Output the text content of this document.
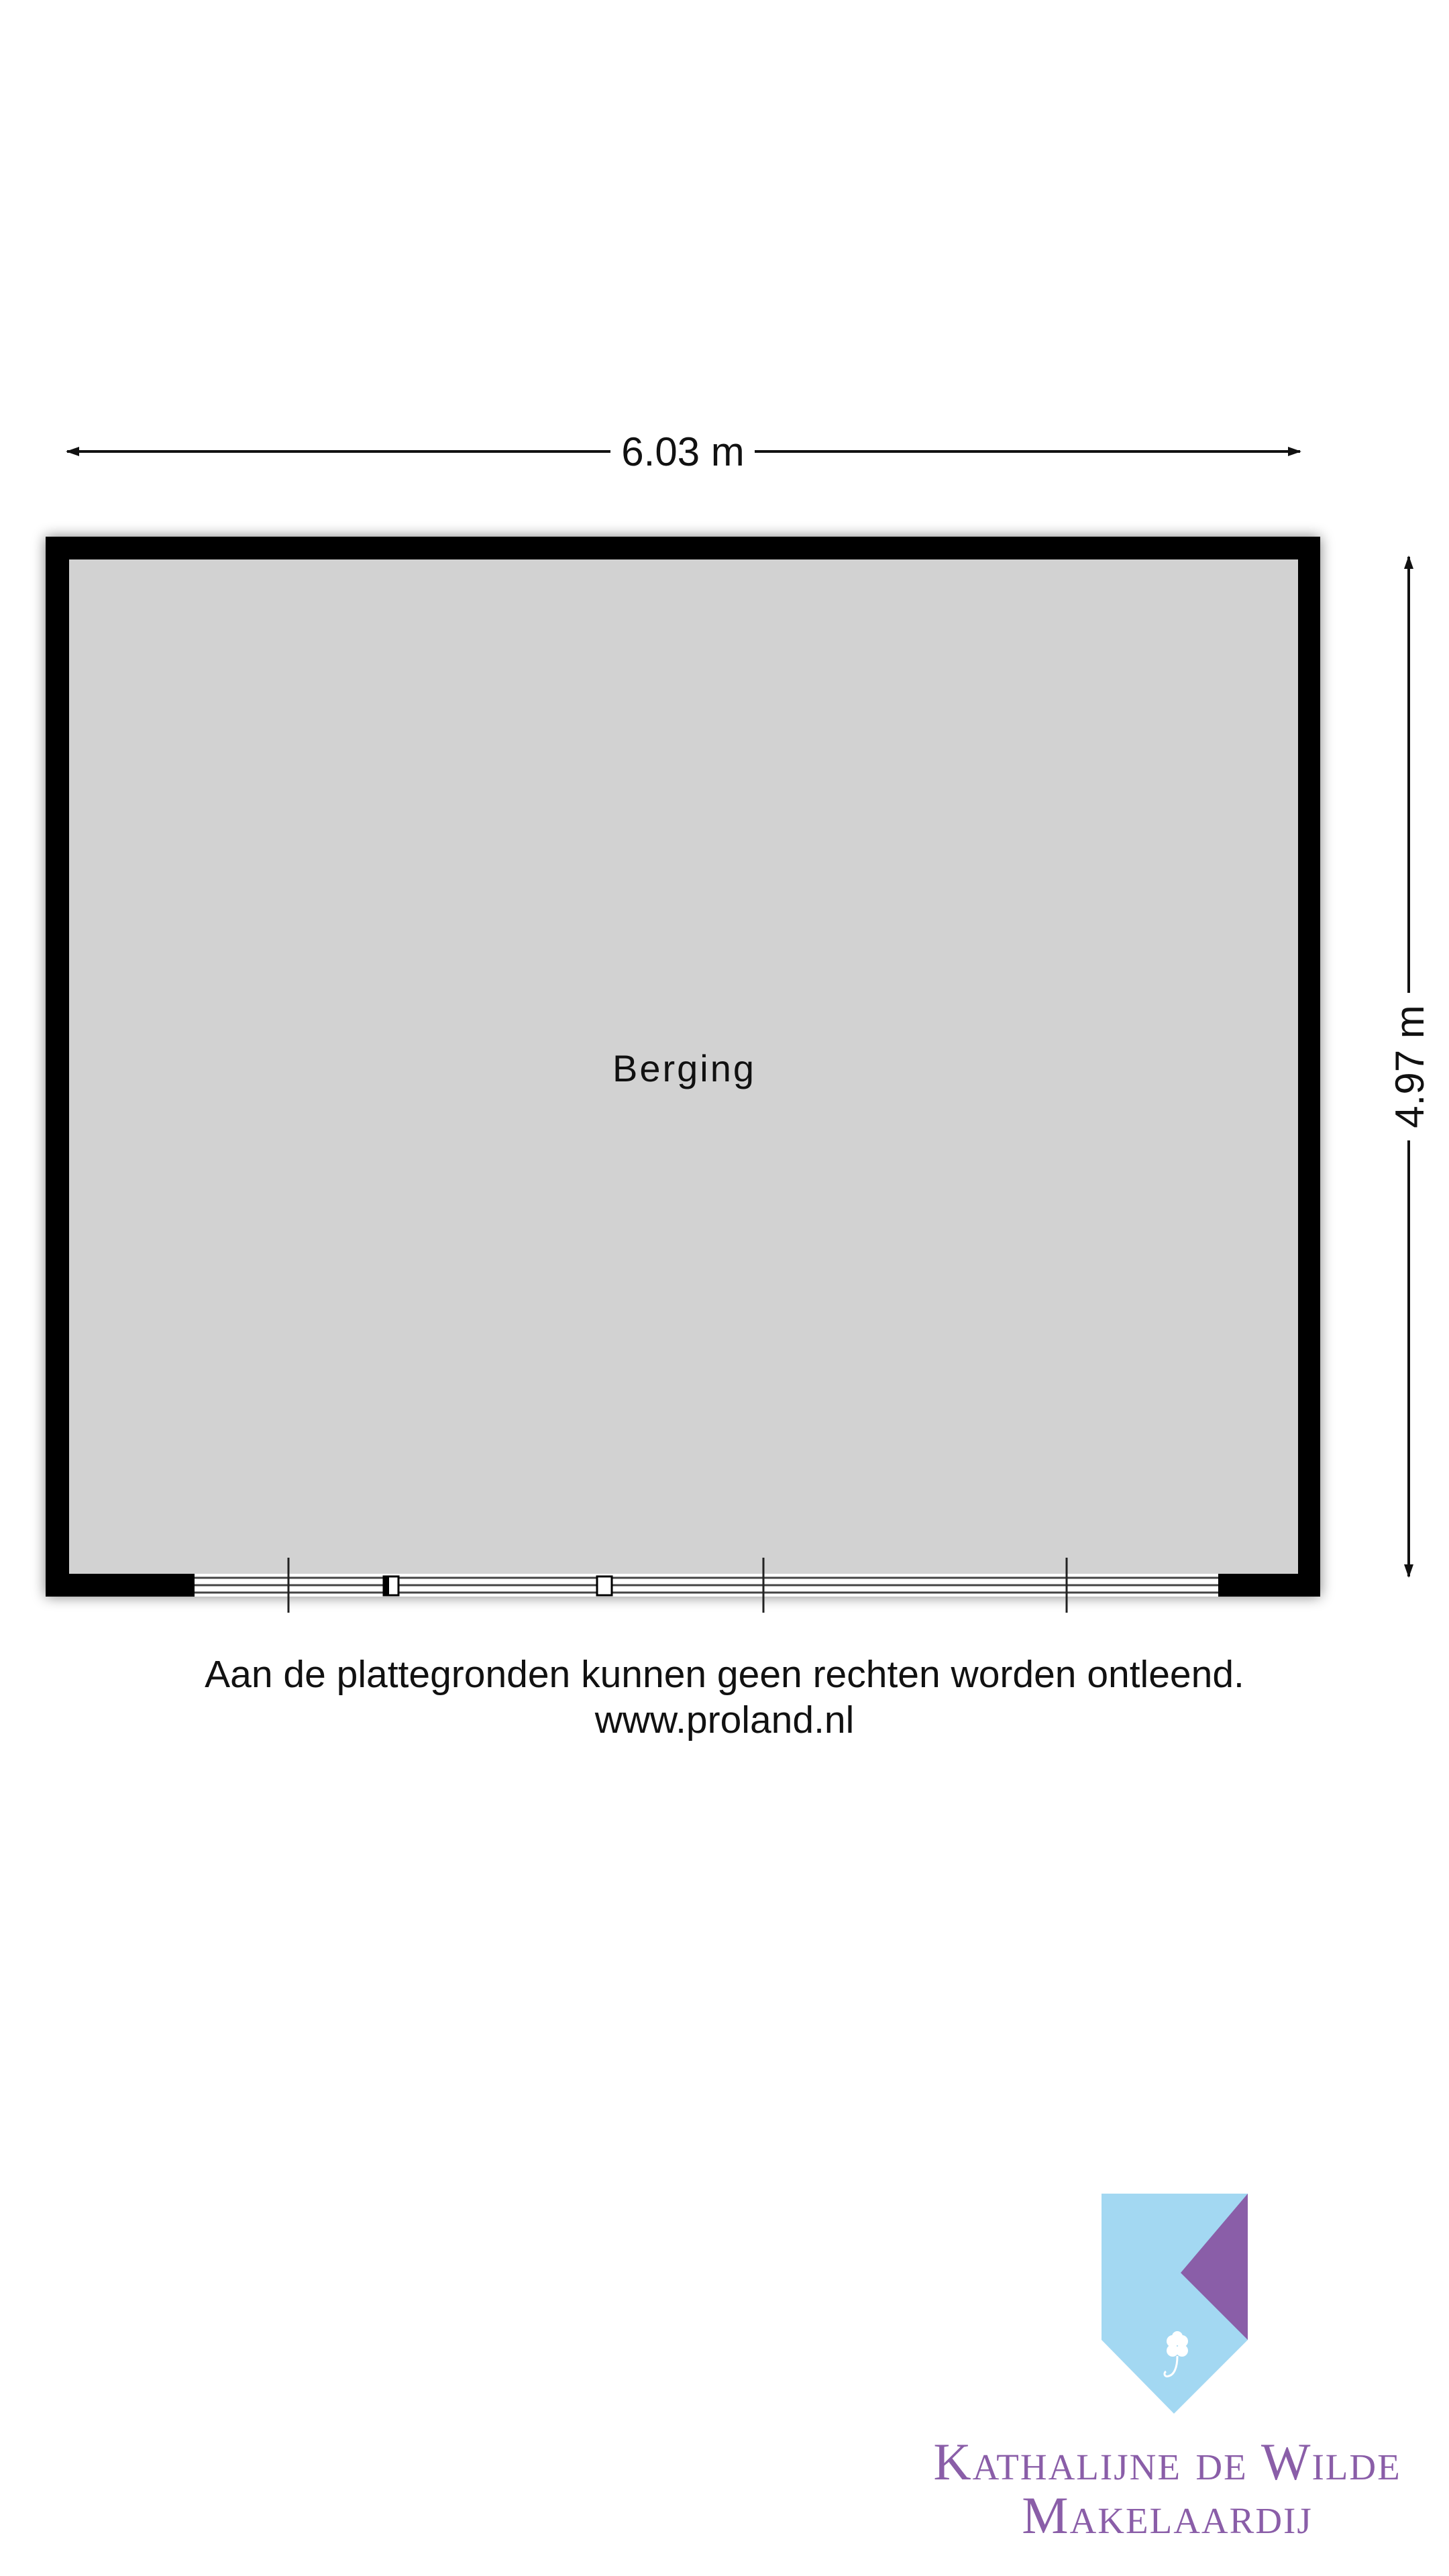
6.03 m
4.97 m
Berging
Aan de plattegronden kunnen geen rechten worden ontleend.
www.proland.nl
Kathalijne de Wilde
Makelaardij
